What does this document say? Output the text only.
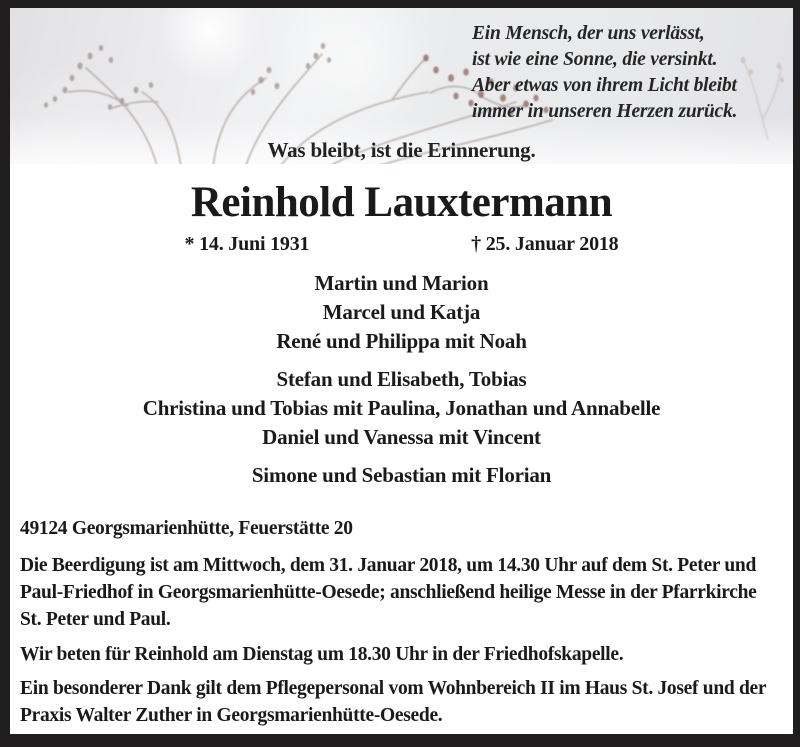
Ein Mensch, der uns verlässt,
ist wie eine Sonne, die versinkt.
Aber etwas von ihrem Licht bleibt
immer in unseren Herzen zurück.
Was bleibt, ist die Erinnerung.
Reinhold Lauxtermann
* 14. Juni 1931	† 25. Januar 2018
Martin und Marion
Marcel und Katja
René und Philippa mit Noah
Stefan und Elisabeth, Tobias
Christina und Tobias mit Paulina, Jonathan und Annabelle
Daniel und Vanessa mit Vincent
Simone und Sebastian mit Florian

49124 Georgsmarienhütte, Feuerstätte 20

Die Beerdigung ist am Mittwoch, dem 31. Januar 2018, um 14.30 Uhr auf dem St. Peter und Paul-Friedhof in Georgsmarienhütte-Oesede; anschließend heilige Messe in der Pfarrkirche St. Peter und Paul.

Wir beten für Reinhold am Dienstag um 18.30 Uhr in der Friedhofskapelle.

Ein besonderer Dank gilt dem Pflegepersonal vom Wohnbereich II im Haus St. Josef und der Praxis Walter Zuther in Georgsmarienhütte-Oesede.
